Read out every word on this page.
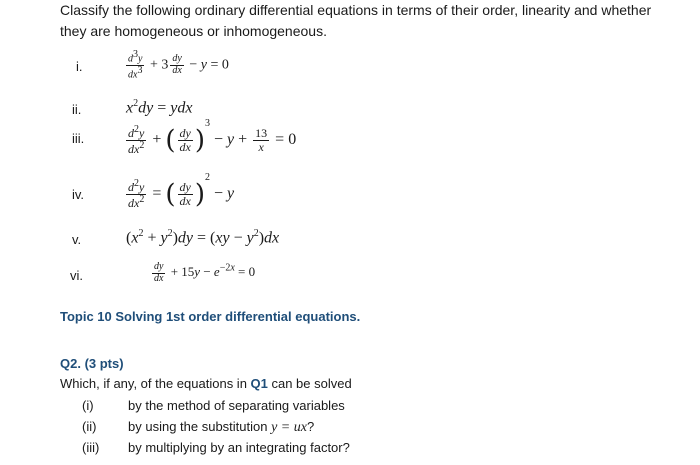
Classify the following ordinary differential equations in terms of their order, linearity and whether they are homogeneous or inhomogeneous.
i.	$\frac{d^3y}{dx^3} + 3 \frac{dy}{dx} - y = 0$
ii.	$x^2dy$ = ydx
iii.	$\frac{d^2y}{dx^2}$ + ( $\frac{dy}{dx} )^3 - y + \frac{13}{x} = 0$
iv.	$\frac{d^2y}{dx^2}$ = ( $\frac{dy}{dx} )^2 - y$
v.	$(x^2 + y^2)dy = (xy - y^2)dx$
vi.	$\frac{dy}{dx} + 15y - e^{-2x} = 0$
Topic 10 Solving 1st order differential equations.
Q2. (3 pts)
Which, if any, of the equations in Q1 can be solved
(i)	by the method of separating variables
(ii) by using the substitution y = ux?
(iii) by multiplying by an integrating factor?
